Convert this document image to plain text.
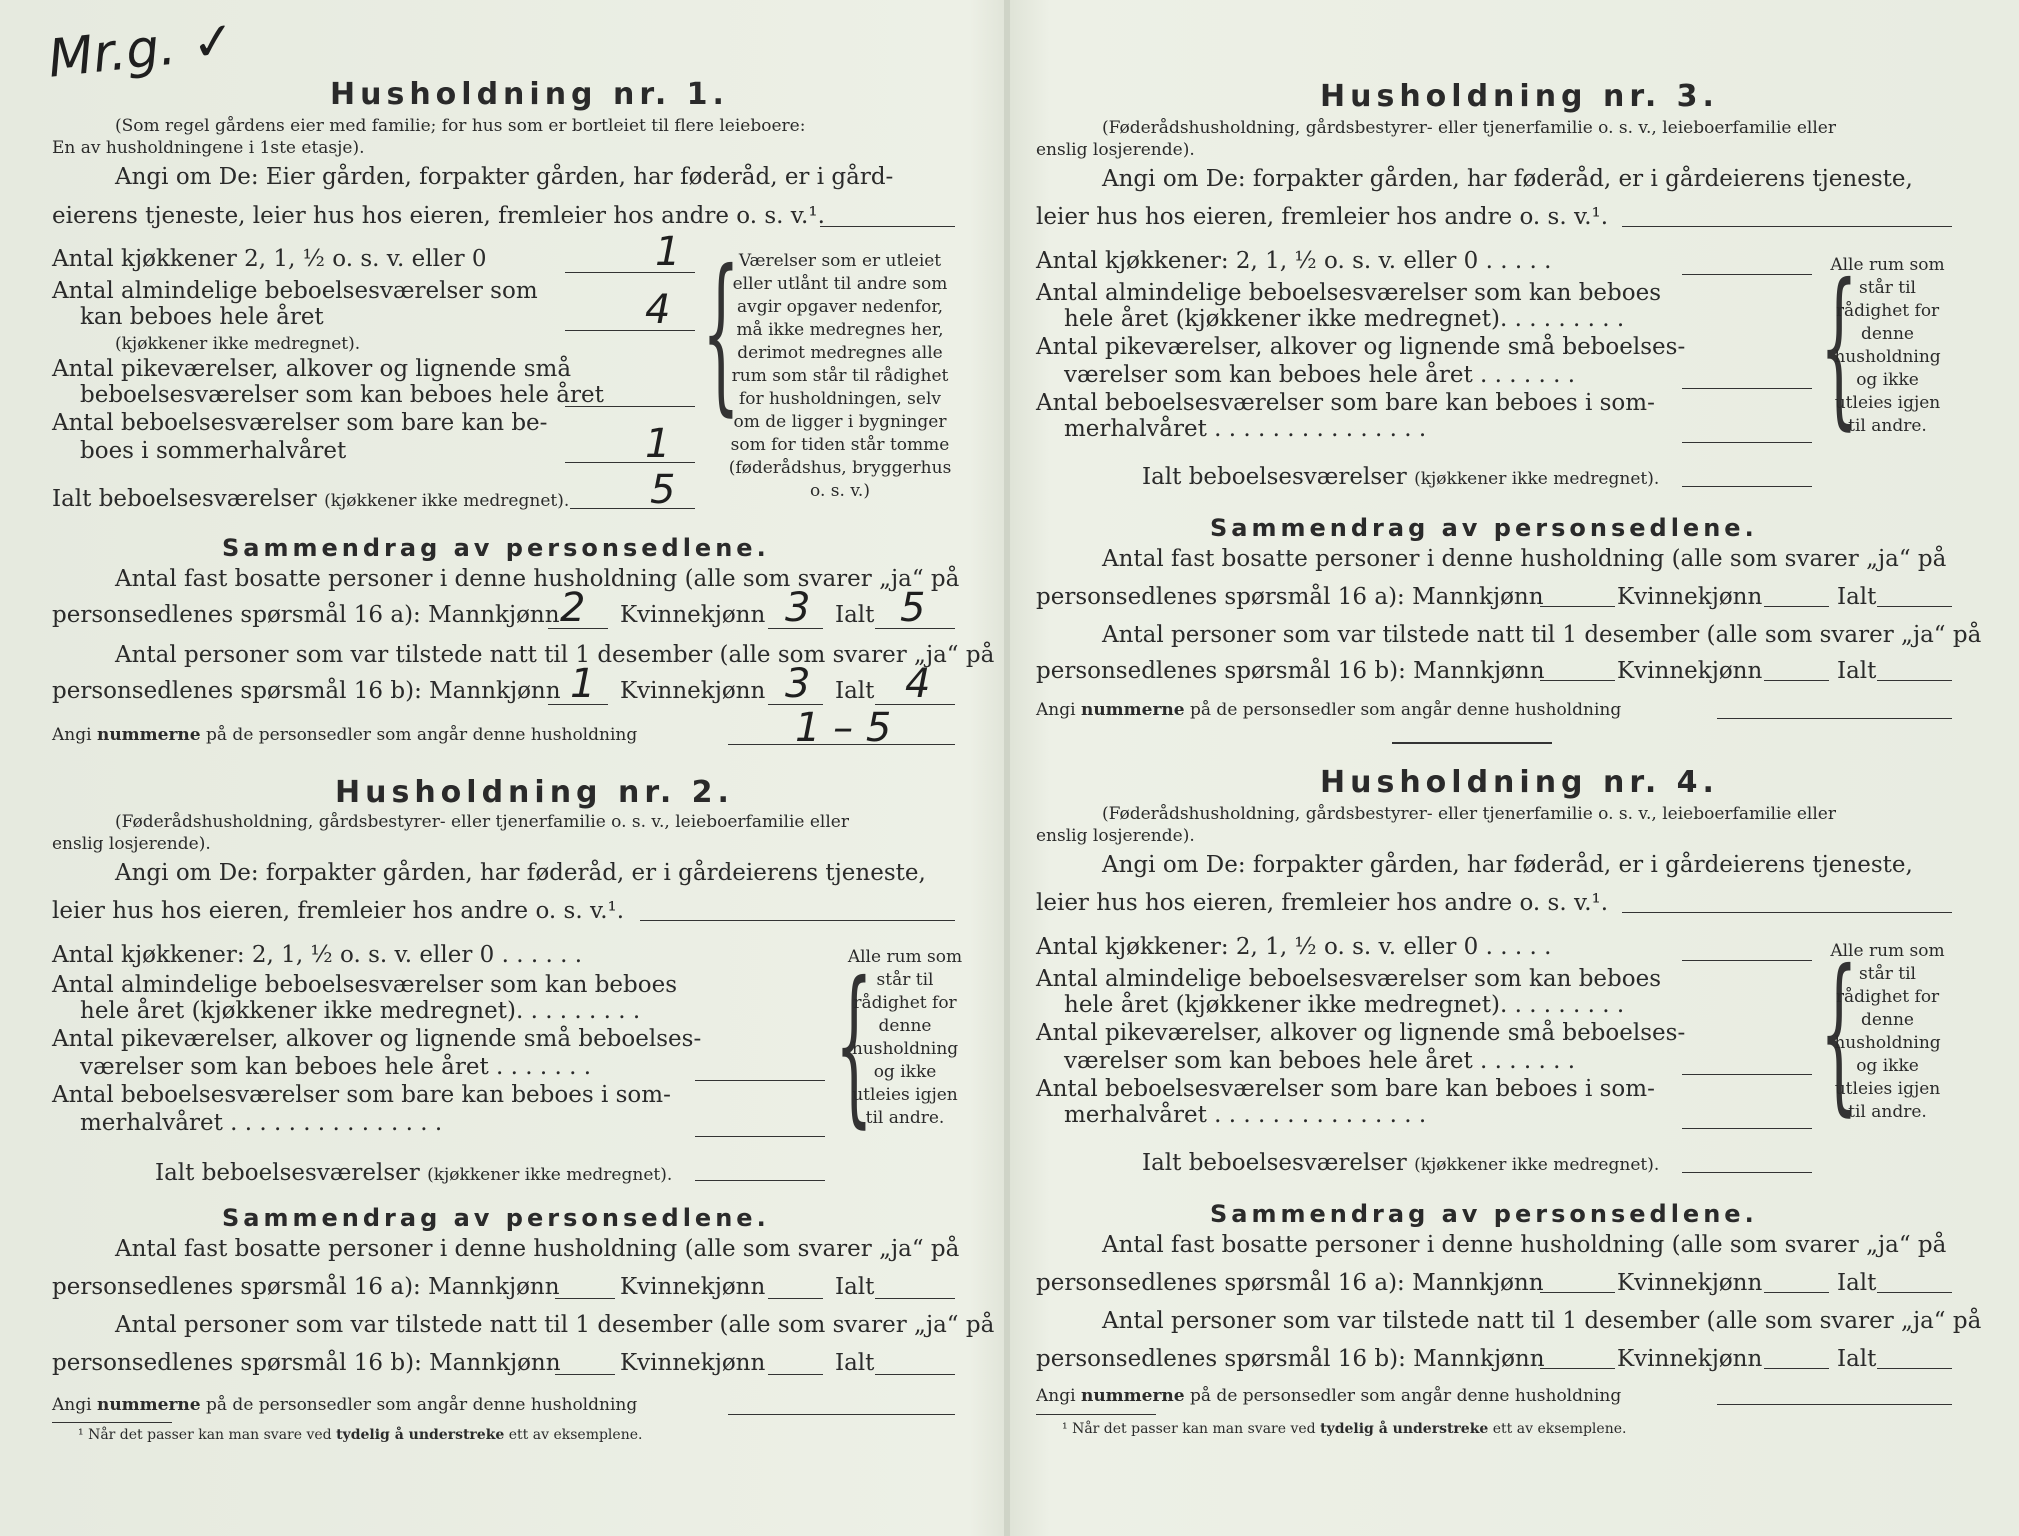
Mr.g. ✓
Husholdning nr. 1.
(Som regel gårdens eier med familie; for hus som er bortleiet til flere leieboere:
En av husholdningene i 1ste etasje).
Angi om De: Eier gården, forpakter gården, har føderåd, er i gård-
eierens tjeneste, leier hus hos eieren, fremleier hos andre o. s. v.¹.
Antal kjøkkener 2, 1, ½ o. s. v. eller 0	1
Antal almindelige beboelsesværelser som
kan beboes hele året	4
(kjøkkener ikke medregnet).
Antal pikeværelser, alkover og lignende små
beboelsesværelser som kan beboes hele året
Antal beboelsesværelser som bare kan be-
boes i sommerhalvåret	1
Ialt beboelsesværelser (kjøkkener ikke medregnet). 5
{
Værelser som er utleiet eller utlånt til andre som avgir opgaver nedenfor, må ikke medregnes her, derimot medregnes alle rum som står til rådighet for husholdningen, selv om de ligger i bygninger som for tiden står tomme (føderådshus, bryggerhus o. s. v.)
Sammendrag av personsedlene.
Antal fast bosatte personer i denne husholdning (alle som svarer „ja“ på
personsedlenes spørsmål 16 a): Mannkjønn 2 Kvinnekjønn 3 Ialt 5
Antal personer som var tilstede natt til 1 desember (alle som svarer „ja“ på
personsedlenes spørsmål 16 b): Mannkjønn 1 Kvinnekjønn 3 Ialt 4
Angi nummerne på de personsedler som angår denne husholdning	1 – 5
Husholdning nr. 2.
(Føderådshusholdning, gårdsbestyrer- eller tjenerfamilie o. s. v., leieboerfamilie eller
enslig losjerende).
Angi om De: forpakter gården, har føderåd, er i gårdeierens tjeneste,
leier hus hos eieren, fremleier hos andre o. s. v.¹.
Antal kjøkkener: 2, 1, ½ o. s. v. eller 0 . . . . . .
Antal almindelige beboelsesværelser som kan beboes
hele året (kjøkkener ikke medregnet). . . . . . . . .
Antal pikeværelser, alkover og lignende små beboelses-
værelser som kan beboes hele året . . . . . . .
Antal beboelsesværelser som bare kan beboes i som-
merhalvåret . . . . . . . . . . . . . . .
Ialt beboelsesværelser (kjøkkener ikke medregnet).
{
Alle rum som står til rådighet for denne husholdning og ikke utleies igjen til andre.
Sammendrag av personsedlene.
Antal fast bosatte personer i denne husholdning (alle som svarer „ja“ på
personsedlenes spørsmål 16 a): Mannkjønn	Kvinnekjønn	Ialt
Antal personer som var tilstede natt til 1 desember (alle som svarer „ja“ på
personsedlenes spørsmål 16 b): Mannkjønn	Kvinnekjønn	Ialt
Angi nummerne på de personsedler som angår denne husholdning
¹ Når det passer kan man svare ved tydelig å understreke ett av eksemplene.
Husholdning nr. 3.
(Føderådshusholdning, gårdsbestyrer- eller tjenerfamilie o. s. v., leieboerfamilie eller
enslig losjerende).
Angi om De: forpakter gården, har føderåd, er i gårdeierens tjeneste,
leier hus hos eieren, fremleier hos andre o. s. v.¹.
Antal kjøkkener: 2, 1, ½ o. s. v. eller 0 . . . . .
Antal almindelige beboelsesværelser som kan beboes
hele året (kjøkkener ikke medregnet). . . . . . . . .
Antal pikeværelser, alkover og lignende små beboelses-
værelser som kan beboes hele året . . . . . . .
Antal beboelsesværelser som bare kan beboes i som-
merhalvåret . . . . . . . . . . . . . . .
Ialt beboelsesværelser (kjøkkener ikke medregnet).
{
Alle rum som står til rådighet for denne husholdning og ikke utleies igjen til andre.
Sammendrag av personsedlene.
Antal fast bosatte personer i denne husholdning (alle som svarer „ja“ på
personsedlenes spørsmål 16 a): Mannkjønn	Kvinnekjønn	Ialt
Antal personer som var tilstede natt til 1 desember (alle som svarer „ja“ på
personsedlenes spørsmål 16 b): Mannkjønn	Kvinnekjønn	Ialt
Angi nummerne på de personsedler som angår denne husholdning
Husholdning nr. 4.
(Føderådshusholdning, gårdsbestyrer- eller tjenerfamilie o. s. v., leieboerfamilie eller
enslig losjerende).
Angi om De: forpakter gården, har føderåd, er i gårdeierens tjeneste,
leier hus hos eieren, fremleier hos andre o. s. v.¹.
Antal kjøkkener: 2, 1, ½ o. s. v. eller 0 . . . . .
Antal almindelige beboelsesværelser som kan beboes
hele året (kjøkkener ikke medregnet). . . . . . . . .
Antal pikeværelser, alkover og lignende små beboelses-
værelser som kan beboes hele året . . . . . . .
Antal beboelsesværelser som bare kan beboes i som-
merhalvåret . . . . . . . . . . . . . . .
Ialt beboelsesværelser (kjøkkener ikke medregnet).
{
Alle rum som står til rådighet for denne husholdning og ikke utleies igjen til andre.
Sammendrag av personsedlene.
Antal fast bosatte personer i denne husholdning (alle som svarer „ja“ på
personsedlenes spørsmål 16 a): Mannkjønn	Kvinnekjønn	Ialt
Antal personer som var tilstede natt til 1 desember (alle som svarer „ja“ på
personsedlenes spørsmål 16 b): Mannkjønn	Kvinnekjønn	Ialt
Angi nummerne på de personsedler som angår denne husholdning
¹ Når det passer kan man svare ved tydelig å understreke ett av eksemplene.
